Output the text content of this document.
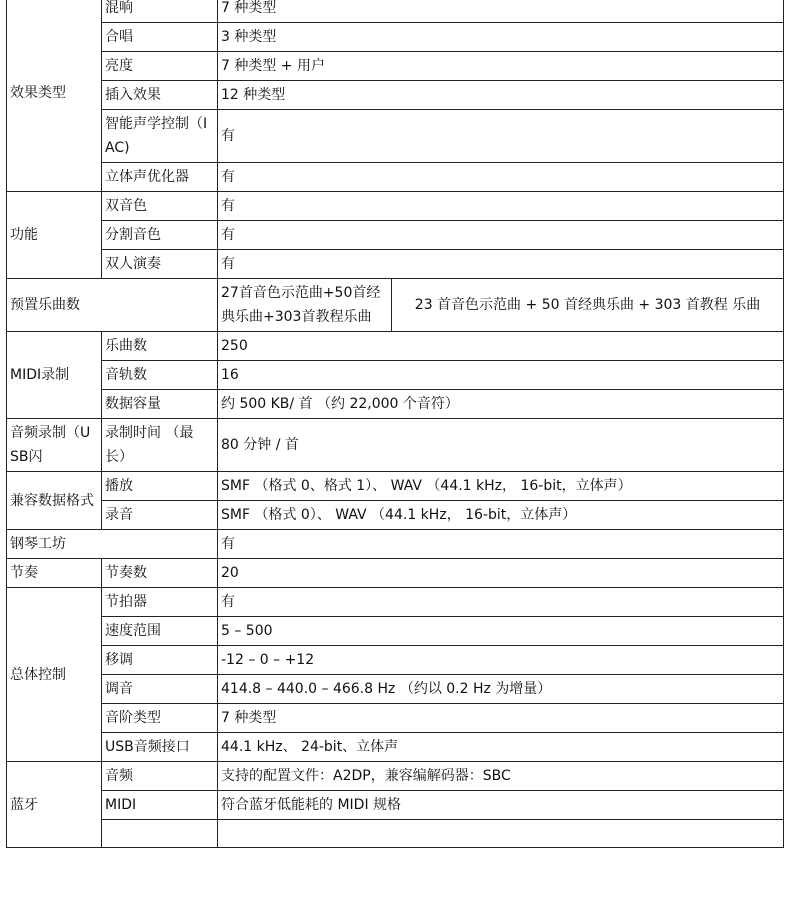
效果类型	混响	7 种类型	
	合唱	3 种类型	
	亮度	7 种类型 + 用户	
	插入效果	12 种类型	
	智能声学控制（IAC)	有	
	立体声优化器	有	
功能	双音色	有	
	分割音色	有	
	双人演奏	有	
预置乐曲数		27首音色示范曲+50首经典乐曲+303首教程乐曲	23 首音色示范曲 + 50 首经典乐曲 + 303 首教程 乐曲
MIDI录制	乐曲数	250	
	音轨数	16	
	数据容量	约 500 KB/ 首 （约 22,000 个音符）	
音频录制（USB闪	录制时间 （最长）	80 分钟 / 首	
兼容数据格式	播放	SMF （格式 0、格式 1）、 WAV （44.1 kHz， 16-bit，立体声）	
	录音	SMF （格式 0）、 WAV （44.1 kHz， 16-bit，立体声）	
钢琴工坊		有	
节奏	节奏数	20	
总体控制	节拍器	有	
	速度范围	5 – 500	
	移调	-12 – 0 – +12	
	调音	414.8 – 440.0 – 466.8 Hz （约以 0.2 Hz 为增量）	
	音阶类型	7 种类型	
	USB音频接口	44.1 kHz、 24-bit、立体声	
蓝牙	音频	支持的配置文件：A2DP，兼容编解码器：SBC	
	MIDI	符合蓝牙低能耗的 MIDI 规格	
